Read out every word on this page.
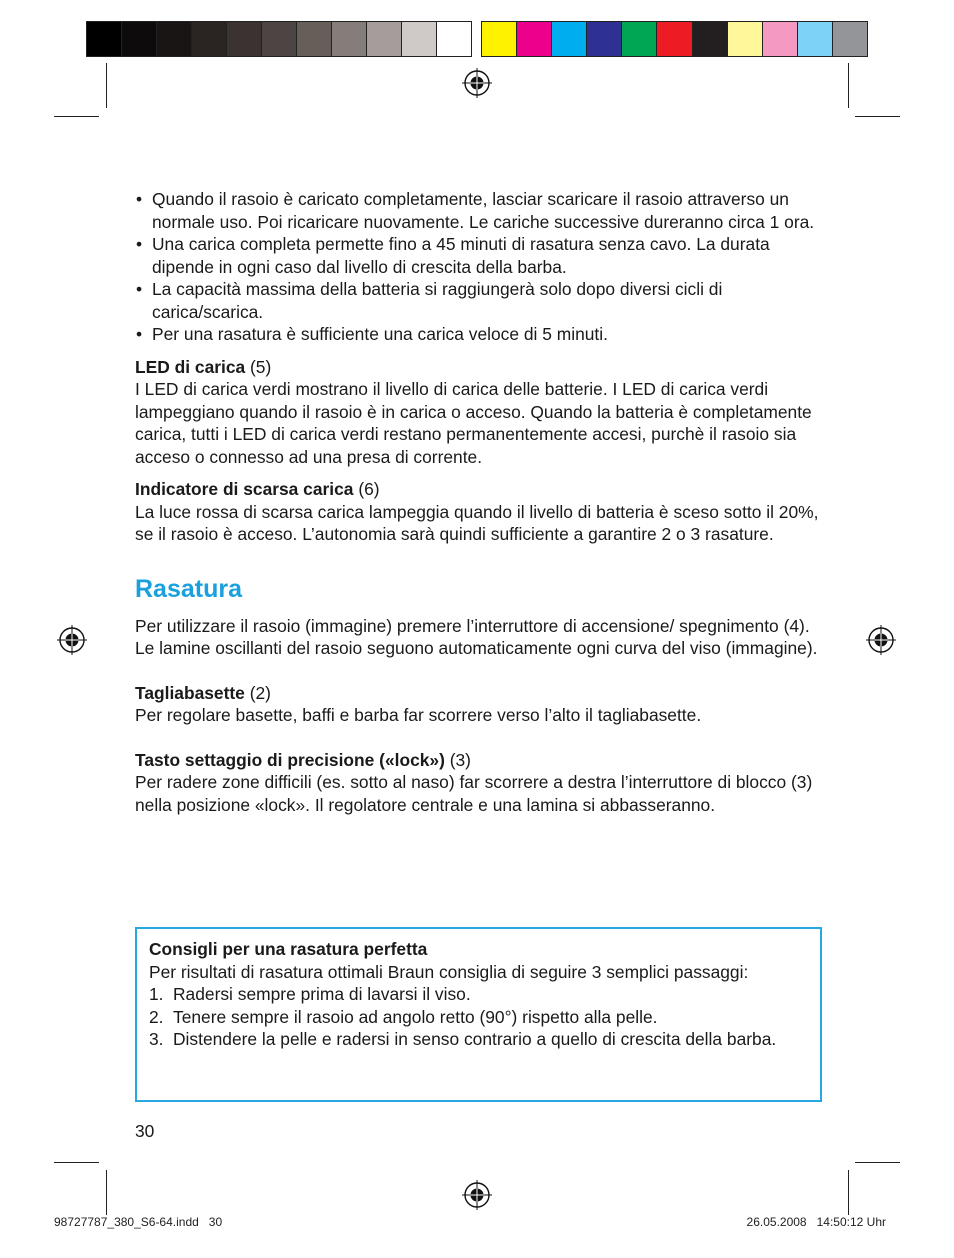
• Quando il rasoio è caricato completamente, lasciar scaricare il rasoio attraverso un normale uso. Poi ricaricare nuovamente. Le cariche successive dureranno circa 1 ora.
• Una carica completa permette fino a 45 minuti di rasatura senza cavo. La durata dipende in ogni caso dal livello di crescita della barba.
• La capacità massima della batteria si raggiungerà solo dopo diversi cicli di carica/scarica.
• Per una rasatura è sufficiente una carica veloce di 5 minuti.

LED di carica (5)

I LED di carica verdi mostrano il livello di carica delle batterie. I LED di carica verdi lampeggiano quando il rasoio è in carica o acceso. Quando la batteria è completamente carica, tutti i LED di carica verdi restano permanentemente accesi, purchè il rasoio sia acceso o connesso ad una presa di corrente.

Indicatore di scarsa carica (6)

La luce rossa di scarsa carica lampeggia quando il livello di batteria è sceso sotto il 20%, se il rasoio è acceso. L’autonomia sarà quindi sufficiente a garantire 2 o 3 rasature.

Rasatura

Per utilizzare il rasoio (immagine) premere l’interruttore di accensione/ spegnimento (4). Le lamine oscillanti del rasoio seguono automaticamente ogni curva del viso (immagine).

Tagliabasette (2)

Per regolare basette, baffi e barba far scorrere verso l’alto il tagliabasette.

Tasto settaggio di precisione («lock») (3)

Per radere zone difficili (es. sotto al naso) far scorrere a destra l’interruttore di blocco (3) nella posizione «lock». Il regolatore centrale e una lamina si abbasseranno.

Consigli per una rasatura perfetta

Per risultati di rasatura ottimali Braun consiglia di seguire 3 semplici passaggi:

1. Radersi sempre prima di lavarsi il viso.
2. Tenere sempre il rasoio ad angolo retto (90°) rispetto alla pelle.
3. Distendere la pelle e radersi in senso contrario a quello di crescita della barba.
30
98727787_380_S6-64.indd   30	26.05.2008   14:50:12 Uhr
